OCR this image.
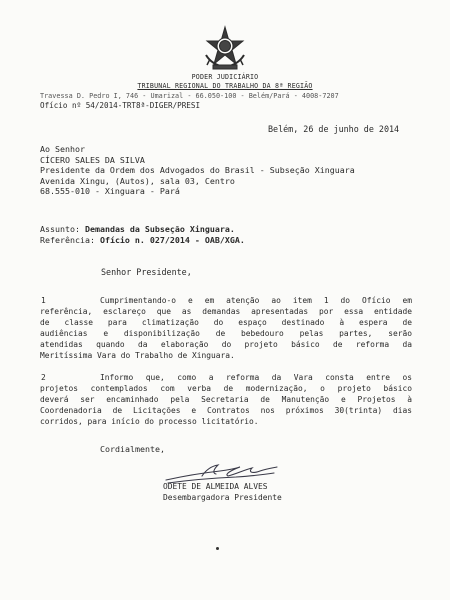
PODER JUDICIÁRIO
TRIBUNAL REGIONAL DO TRABALHO DA 8ª REGIÃO
Travessa D. Pedro I, 746 - Umarizal - 66.050-100 - Belém/Pará - 4008-7207
Ofício nº 54/2014-TRT8ª-DIGER/PRESI
Belém, 26 de junho de 2014
Ao Senhor
CÍCERO SALES DA SILVA
Presidente da Ordem dos Advogados do Brasil - Subseção Xinguara
Avenida Xingu, (Autos), sala 03, Centro
68.555-010 - Xinguara - Pará
Assunto: Demandas da Subseção Xinguara.
Referência: Ofício n. 027/2014 - OAB/XGA.
Senhor Presidente,
1	Cumprimentando-o e em atenção ao item 1 do Ofício em
referência, esclareço que as demandas apresentadas por essa entidade
de classe para climatização do espaço destinado à espera de
audiências e disponibilização de bebedouro pelas partes, serão
atendidas quando da elaboração do projeto básico de reforma da
Meritíssima Vara do Trabalho de Xinguara.
2	Informo que, como a reforma da Vara consta entre os
projetos contemplados com verba de modernização, o projeto básico
deverá ser encaminhado pela Secretaria de Manutenção e Projetos à
Coordenadoria de Licitações e Contratos nos próximos 30(trinta) dias
corridos, para início do processo licitatório.
Cordialmente,
ODETE DE ALMEIDA ALVES
Desembargadora Presidente
